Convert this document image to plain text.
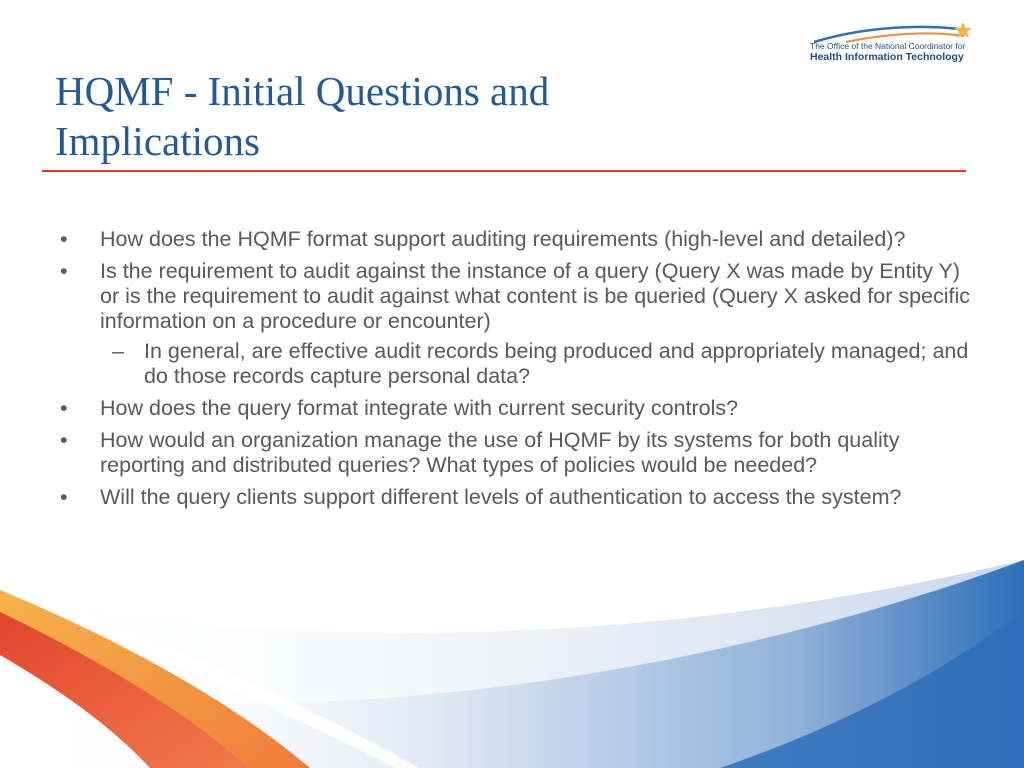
The Office of the National Coordinator for
Health Information Technology
HQMF - Initial Questions and
Implications
• How does the HQMF format support auditing requirements (high-level and detailed)?
• Is the requirement to audit against the instance of a query (Query X was made by Entity Y) or is the requirement to audit against what content is be queried (Query X asked for specific information on a procedure or encounter)
– In general, are effective audit records being produced and appropriately managed; and do those records capture personal data?
• How does the query format integrate with current security controls?
• How would an organization manage the use of HQMF by its systems for both quality reporting and distributed queries? What types of policies would be needed?
• Will the query clients support different levels of authentication to access the system?
